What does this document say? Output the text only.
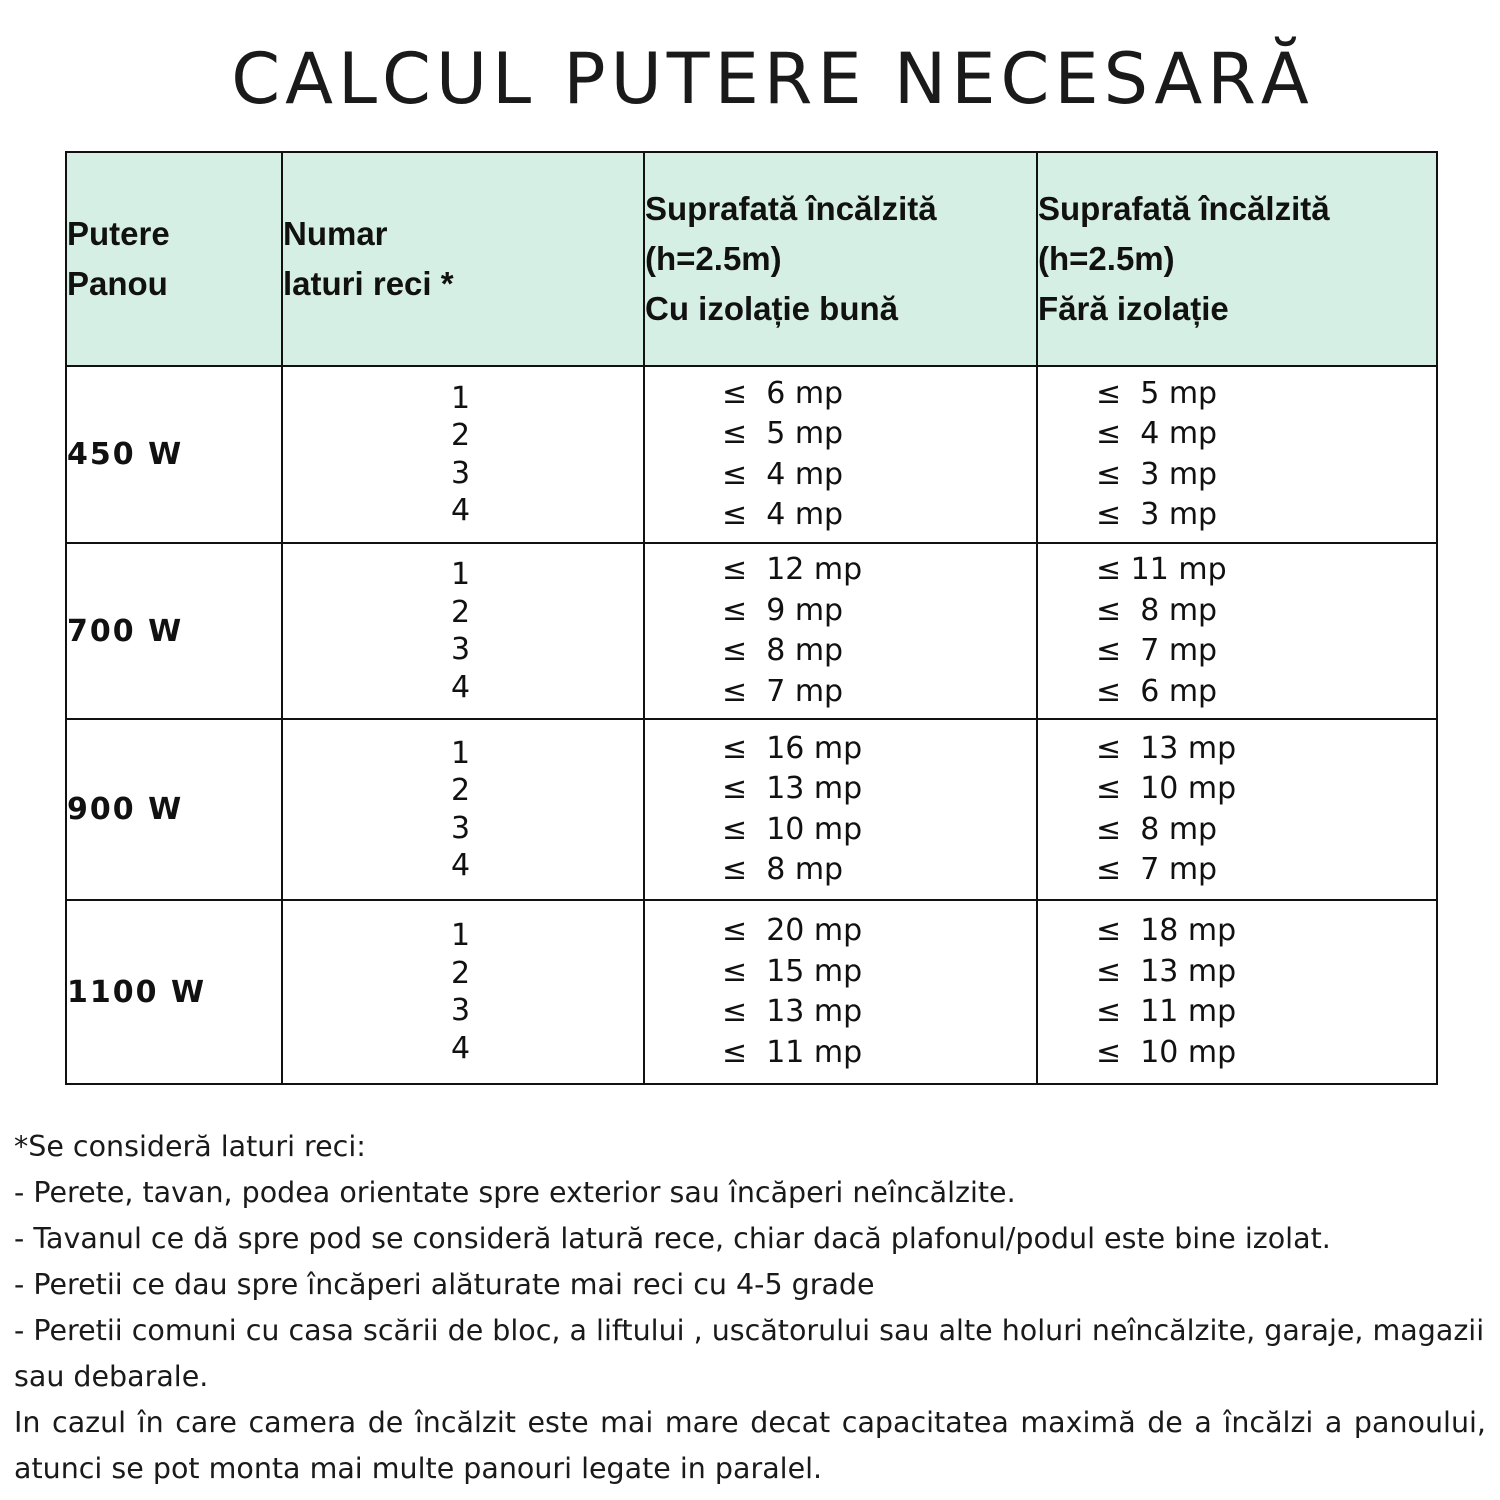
CALCUL PUTERE NECESARĂ
Putere
Panou	Numar
laturi reci *	Suprafată încălzită
(h=2.5m)
Cu izolație bună	Suprafată încălzită
(h=2.5m)
Fără izolație

450 W	1
2
3
4	≤  6 mp
≤  5 mp
≤  4 mp
≤  4 mp	≤  5 mp
≤  4 mp
≤  3 mp
≤  3 mp

700 W	1
2
3
4	≤  12 mp
≤  9 mp
≤  8 mp
≤  7 mp	≤ 11 mp
≤  8 mp
≤  7 mp
≤  6 mp

900 W	1
2
3
4	≤  16 mp
≤  13 mp
≤  10 mp
≤  8 mp	≤  13 mp
≤  10 mp
≤  8 mp
≤  7 mp

1100 W	1
2
3
4	≤  20 mp
≤  15 mp
≤  13 mp
≤  11 mp	≤  18 mp
≤  13 mp
≤  11 mp
≤  10 mp
*Se consideră laturi reci:
- Perete, tavan, podea orientate spre exterior sau încăperi neîncălzite.
- Tavanul ce dă spre pod se consideră latură rece, chiar dacă plafonul/podul este bine izolat.
- Peretii ce dau spre încăperi alăturate mai reci cu 4-5 grade
- Peretii comuni cu casa scării de bloc, a liftului , uscătorului sau alte holuri neîncălzite, garaje, magazii sau debarale.
In cazul în care camera de încălzit este mai mare decat capacitatea maximă de a încălzi a panoului, atunci se pot monta mai multe panouri legate in paralel.
